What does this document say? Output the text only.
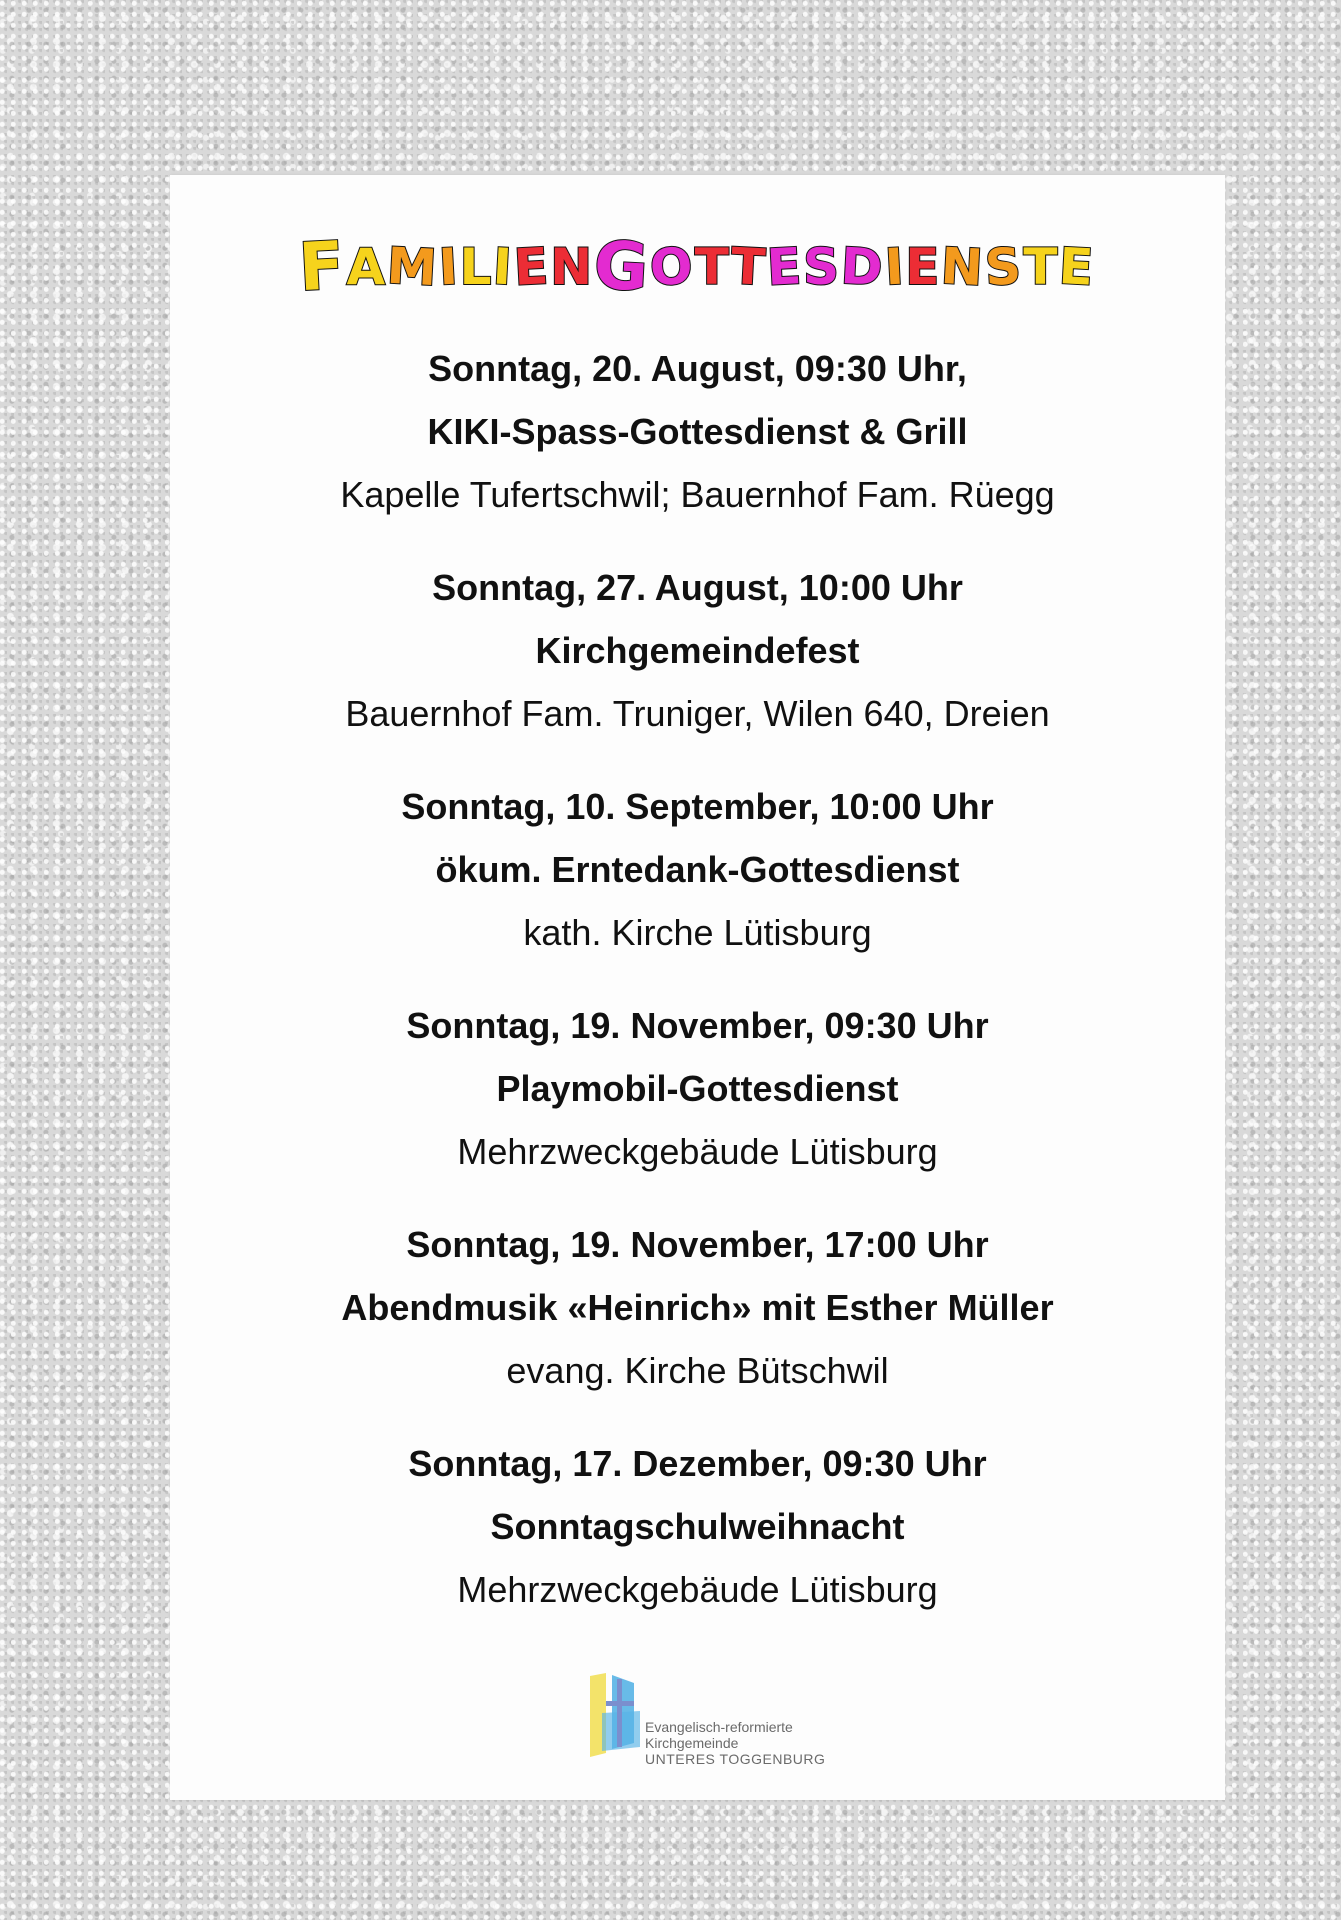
F
A
M
I
L
I
E
N
G
O
T
T
E
S
D
I
E
N
S
T
E
Sonntag, 20. August, 09:30 Uhr,
KIKI-Spass-Gottesdienst & Grill
Kapelle Tufertschwil; Bauernhof Fam. Rüegg
Sonntag, 27. August, 10:00 Uhr
Kirchgemeindefest
Bauernhof Fam. Truniger, Wilen 640, Dreien
Sonntag, 10. September, 10:00 Uhr
ökum. Erntedank-Gottesdienst
kath. Kirche Lütisburg
Sonntag, 19. November, 09:30 Uhr
Playmobil-Gottesdienst
Mehrzweckgebäude Lütisburg
Sonntag, 19. November, 17:00 Uhr
Abendmusik «Heinrich» mit Esther Müller
evang. Kirche Bütschwil
Sonntag, 17. Dezember, 09:30 Uhr
Sonntagschulweihnacht
Mehrzweckgebäude Lütisburg
Evangelisch-reformierte
Kirchgemeinde
UNTERES TOGGENBURG
